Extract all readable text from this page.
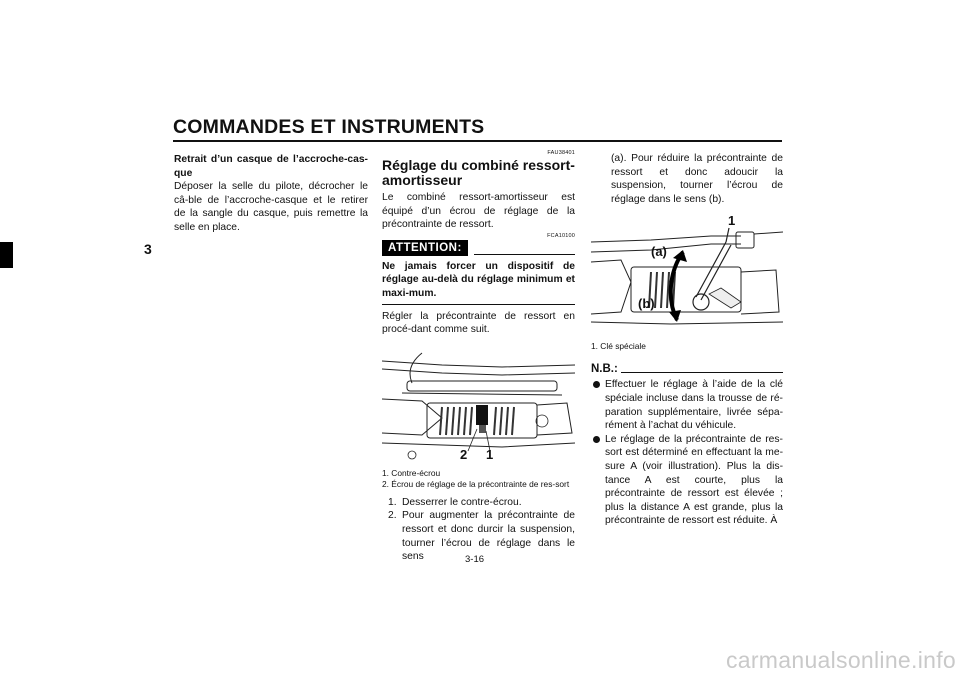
COMMANDES ET INSTRUMENTS
3
Retrait d’un casque de l’accroche-cas-que
Déposer la selle du pilote, décrocher le câ-ble de l’accroche-casque et le retirer de la sangle du casque, puis remettre la selle en place.
FAU38401
Réglage du combiné ressort-amortisseur
Le combiné ressort-amortisseur est équipé d’un écrou de réglage de la précontrainte de ressort.
FCA10100
ATTENTION:
Ne jamais forcer un dispositif de réglage au-delà du réglage minimum et maxi-mum.
Régler la précontrainte de ressort en procé-dant comme suit.
2 1
1. Contre-écrou
2. Écrou de réglage de la précontrainte de res-sort
1. Desserrer le contre-écrou.
2. Pour augmenter la précontrainte de ressort et donc durcir la suspension, tourner l’écrou de réglage dans le sens
(a). Pour réduire la précontrainte de ressort et donc adoucir la suspension, tourner l’écrou de réglage dans le sens (b).
1
(a)
(b)
1. Clé spéciale
N.B.:
Effectuer le réglage à l’aide de la clé spéciale incluse dans la trousse de ré-paration supplémentaire, livrée sépa-rément à l’achat du véhicule.
Le réglage de la précontrainte de res-sort est déterminé en effectuant la me-sure A (voir illustration). Plus la dis-tance A est courte, plus la précontrainte de ressort est élevée ; plus la distance A est grande, plus la précontrainte de ressort est réduite. À
3-16
carmanualsonline.info
